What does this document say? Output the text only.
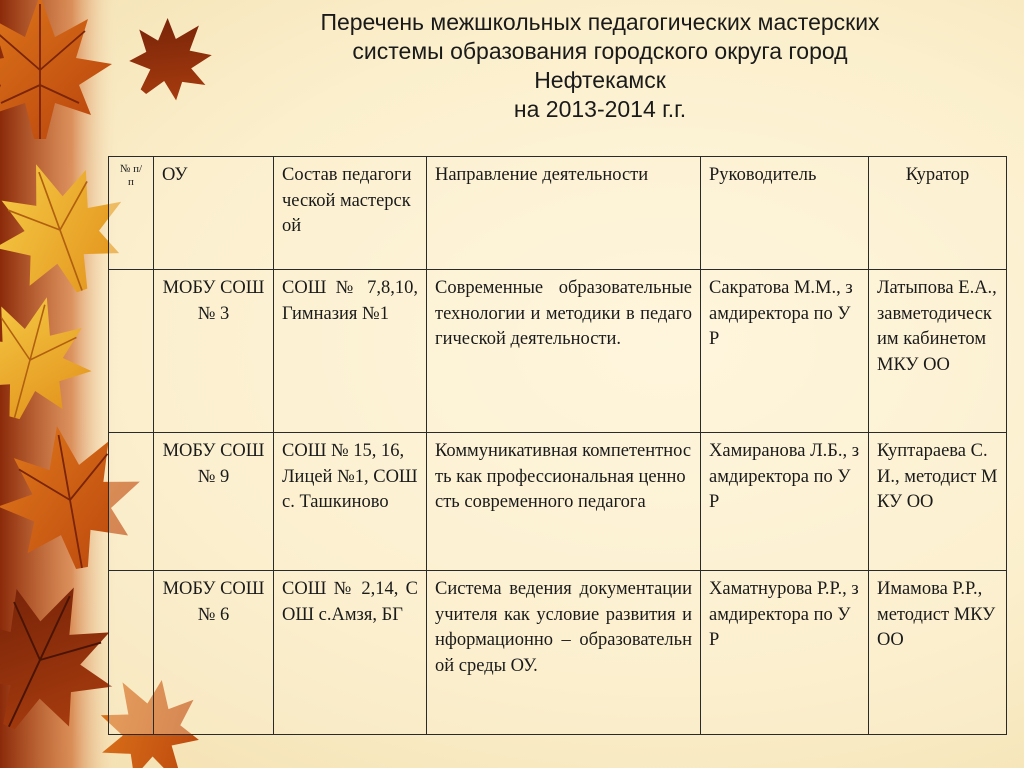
Перечень межшкольных педагогических мастерских
системы образования городского округа город
Нефтекамск
на 2013-2014 г.г.
№ п/п	ОУ	Состав педагогической мастерской	Направление деятельности	Руководитель	Куратор
	МОБУ СОШ № 3	СОШ № 7,8,10, Гимназия №1	Современные образовательные технологии и методики в педагогической деятельности.	Сакратова М.М., замдиректора по УР	Латыпова Е.А., завметодическим кабинетом МКУ ОО
	МОБУ СОШ № 9	СОШ № 15, 16, Лицей №1, СОШ с. Ташкиново	Коммуникативная компетентность как профессиональная ценность современного педагога	Хамиранова Л.Б., замдиректора по УР	Куптараева С.И., методист МКУ ОО
	МОБУ СОШ № 6	СОШ № 2,14, СОШ с.Амзя, БГ	Система ведения документации учителя как условие развития информационно – образовательной среды ОУ.	Хаматнурова Р.Р., замдиректора по УР	Имамова Р.Р., методист МКУ ОО
